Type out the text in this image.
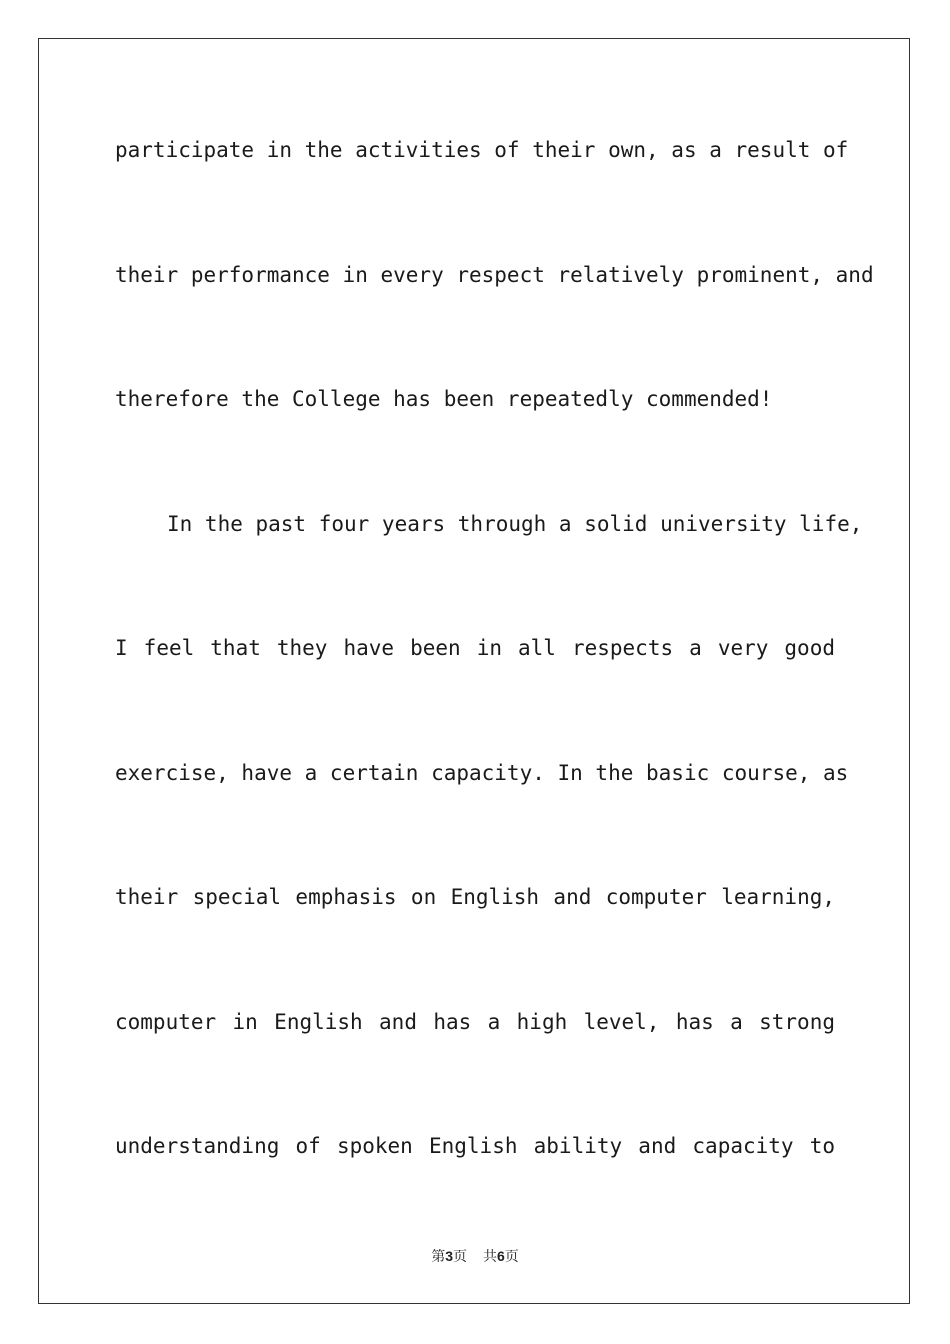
participate in the activities of their own, as a result of
their performance in every respect relatively prominent, and
therefore the College has been repeatedly commended!
In the past four years through a solid university life,
I feel that they have been in all respects a very good
exercise, have a certain capacity. In the basic course, as
their special emphasis on English and computer learning,
computer in English and has a high level, has a strong
understanding of spoken English ability and capacity to
第3页 共6页
